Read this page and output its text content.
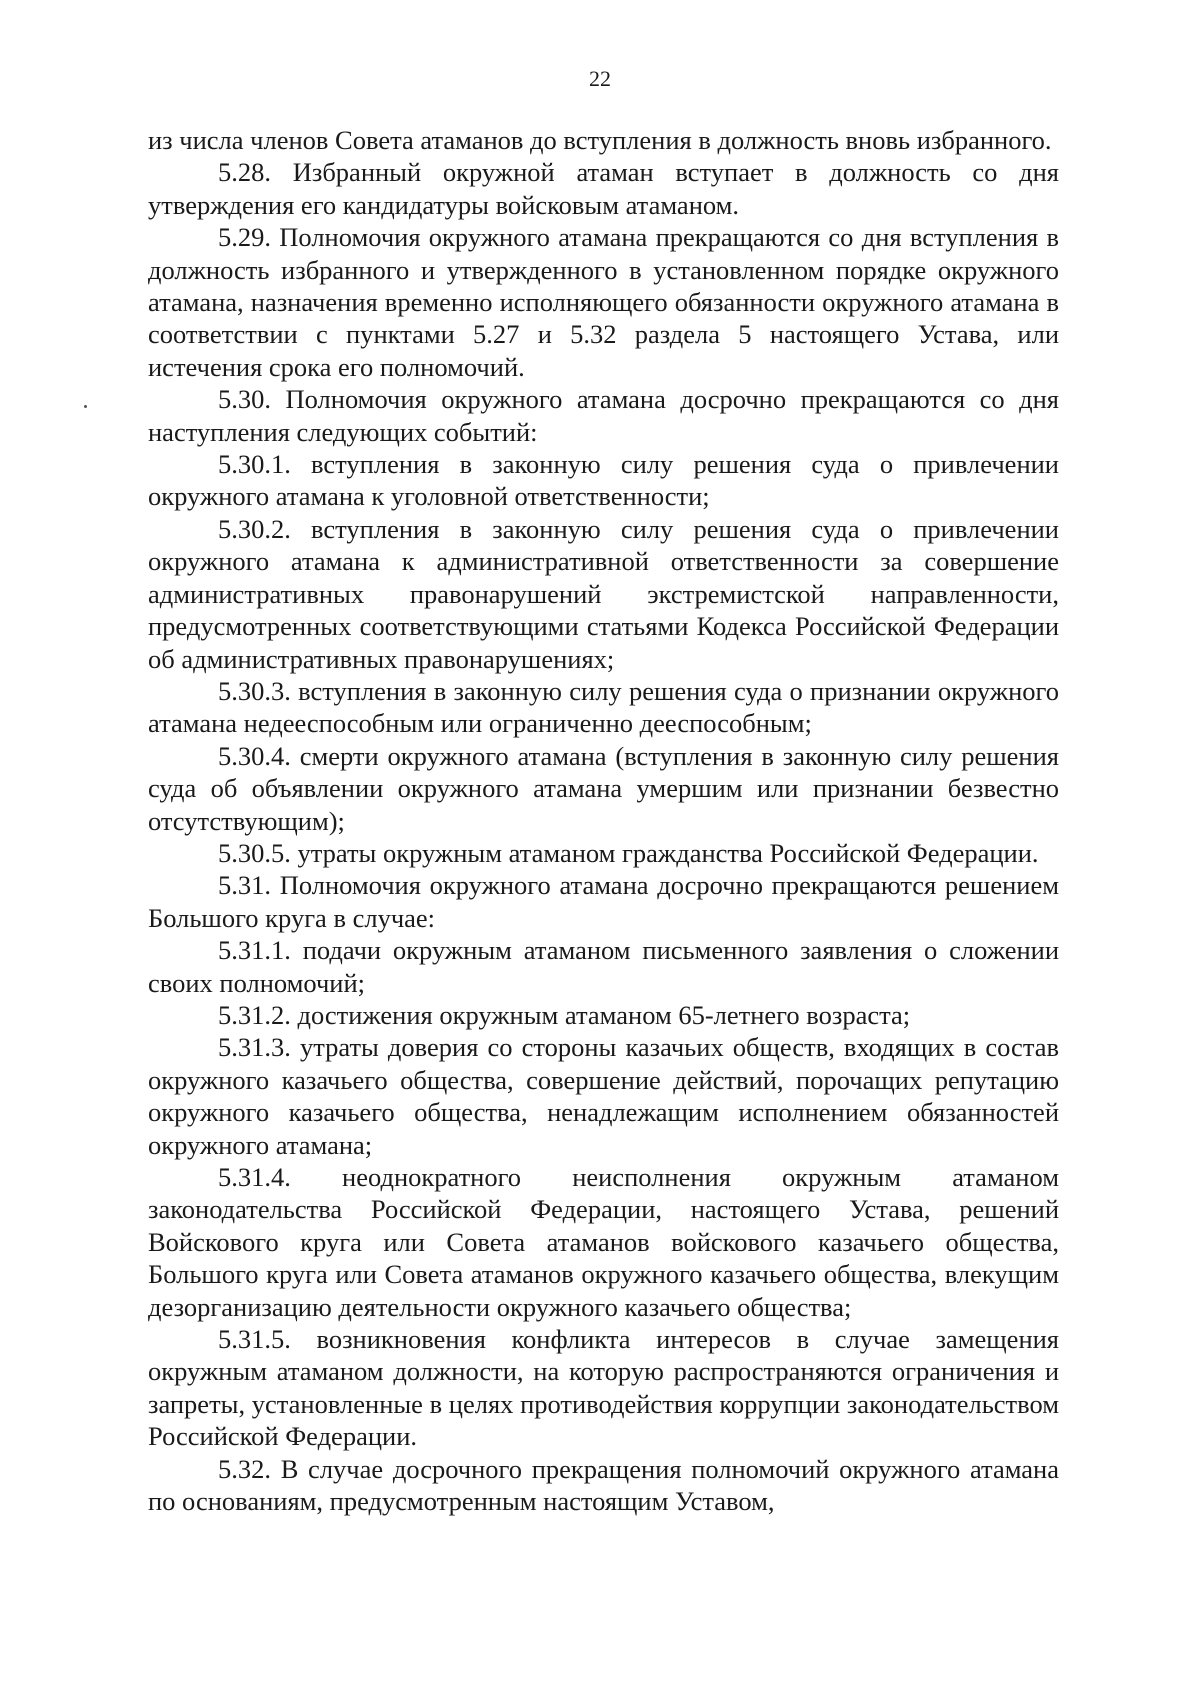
22

из числа членов Совета атаманов до вступления в должность вновь избранного.

5.28. Избранный окружной атаман вступает в должность со дня утверждения его кандидатуры войсковым атаманом.

5.29. Полномочия окружного атамана прекращаются со дня вступления в должность избранного и утвержденного в установленном порядке окружного атамана, назначения временно исполняющего обязанности окружного атамана в соответствии с пунктами 5.27 и 5.32 раздела 5 настоящего Устава, или истечения срока его полномочий.

5.30. Полномочия окружного атамана досрочно прекращаются со дня наступления следующих событий:

5.30.1. вступления в законную силу решения суда о привлечении окружного атамана к уголовной ответственности;

5.30.2. вступления в законную силу решения суда о привлечении окружного атамана к административной ответственности за совершение административных правонарушений экстремистской направленности, предусмотренных соответствующими статьями Кодекса Российской Федерации об административных правонарушениях;

5.30.3. вступления в законную силу решения суда о признании окружного атамана недееспособным или ограниченно дееспособным;

5.30.4. смерти окружного атамана (вступления в законную силу решения суда об объявлении окружного атамана умершим или признании безвестно отсутствующим);

5.30.5. утраты окружным атаманом гражданства Российской Федерации.

5.31. Полномочия окружного атамана досрочно прекращаются решением Большого круга в случае:

5.31.1. подачи окружным атаманом письменного заявления о сложении своих полномочий;

5.31.2. достижения окружным атаманом 65-летнего возраста;

5.31.3. утраты доверия со стороны казачьих обществ, входящих в состав окружного казачьего общества, совершение действий, порочащих репутацию окружного казачьего общества, ненадлежащим исполнением обязанностей окружного атамана;

5.31.4. неоднократного неисполнения окружным атаманом законодательства Российской Федерации, настоящего Устава, решений Войскового круга или Совета атаманов войскового казачьего общества, Большого круга или Совета атаманов окружного казачьего общества, влекущим дезорганизацию деятельности окружного казачьего общества;

5.31.5. возникновения конфликта интересов в случае замещения окружным атаманом должности, на которую распространяются ограничения и запреты, установленные в целях противодействия коррупции законодательством Российской Федерации.

5.32. В случае досрочного прекращения полномочий окружного атамана по основаниям, предусмотренным настоящим Уставом,
